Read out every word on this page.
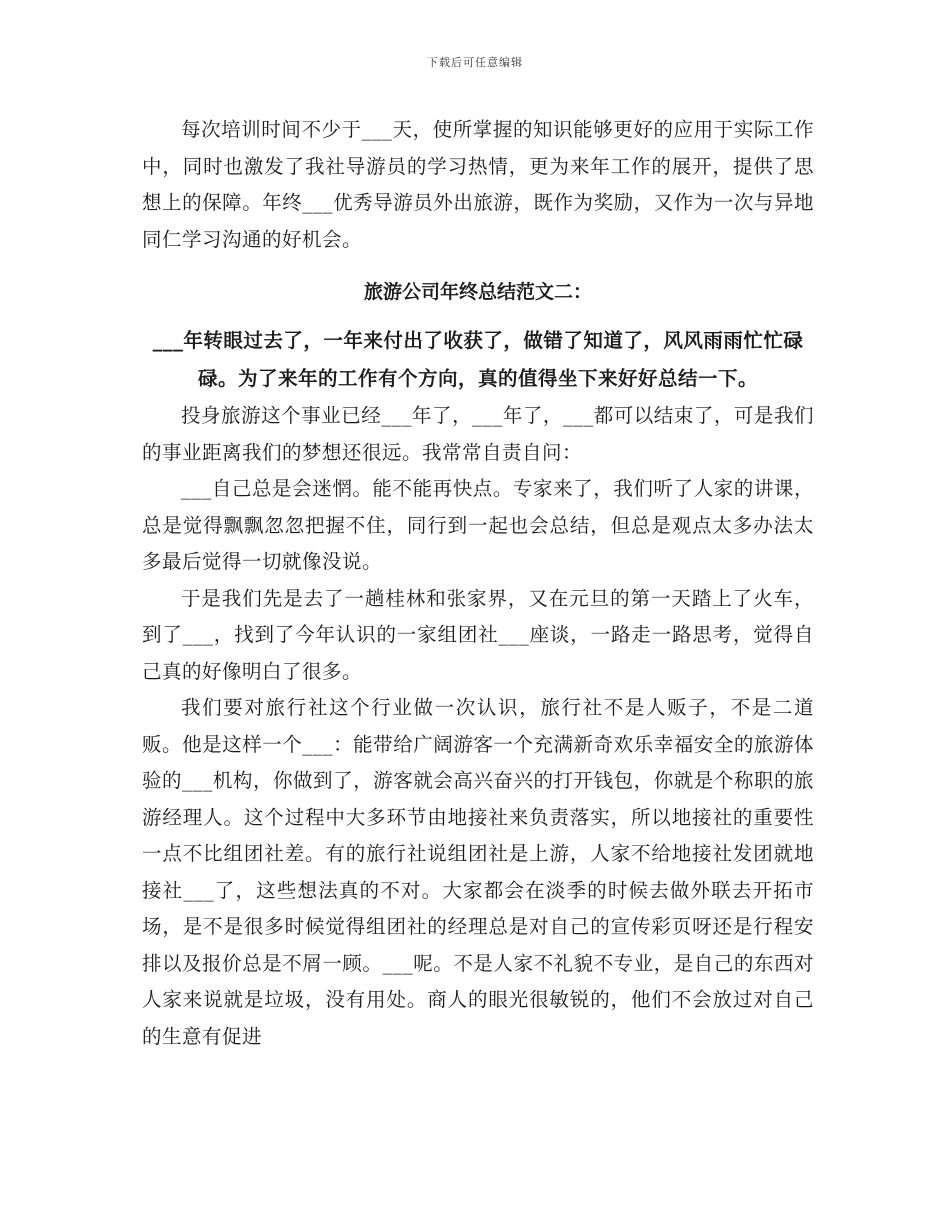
下载后可任意编辑

每次培训时间不少于___天，使所掌握的知识能够更好的应用于实际工作中，同时也激发了我社导游员的学习热情，更为来年工作的展开，提供了思想上的保障。年终___优秀导游员外出旅游，既作为奖励，又作为一次与异地同仁学习沟通的好机会。

旅游公司年终总结范文二：
___年转眼过去了，一年来付出了收获了，做错了知道了，风风雨雨忙忙碌碌。为了来年的工作有个方向，真的值得坐下来好好总结一下。

投身旅游这个事业已经___年了，___年了，___都可以结束了，可是我们的事业距离我们的梦想还很远。我常常自责自问：

___自己总是会迷惘。能不能再快点。专家来了，我们听了人家的讲课，总是觉得飘飘忽忽把握不住，同行到一起也会总结，但总是观点太多办法太多最后觉得一切就像没说。

于是我们先是去了一趟桂林和张家界，又在元旦的第一天踏上了火车，到了___，找到了今年认识的一家组团社___座谈，一路走一路思考，觉得自己真的好像明白了很多。

我们要对旅行社这个行业做一次认识，旅行社不是人贩子，不是二道贩。他是这样一个___：能带给广阔游客一个充满新奇欢乐幸福安全的旅游体验的___机构，你做到了，游客就会高兴奋兴的打开钱包，你就是个称职的旅游经理人。这个过程中大多环节由地接社来负责落实，所以地接社的重要性一点不比组团社差。有的旅行社说组团社是上游，人家不给地接社发团就地接社___了，这些想法真的不对。大家都会在淡季的时候去做外联去开拓市场，是不是很多时候觉得组团社的经理总是对自己的宣传彩页呀还是行程安排以及报价总是不屑一顾。___呢。不是人家不礼貌不专业，是自己的东西对人家来说就是垃圾，没有用处。商人的眼光很敏锐的，他们不会放过对自己的生意有促进
